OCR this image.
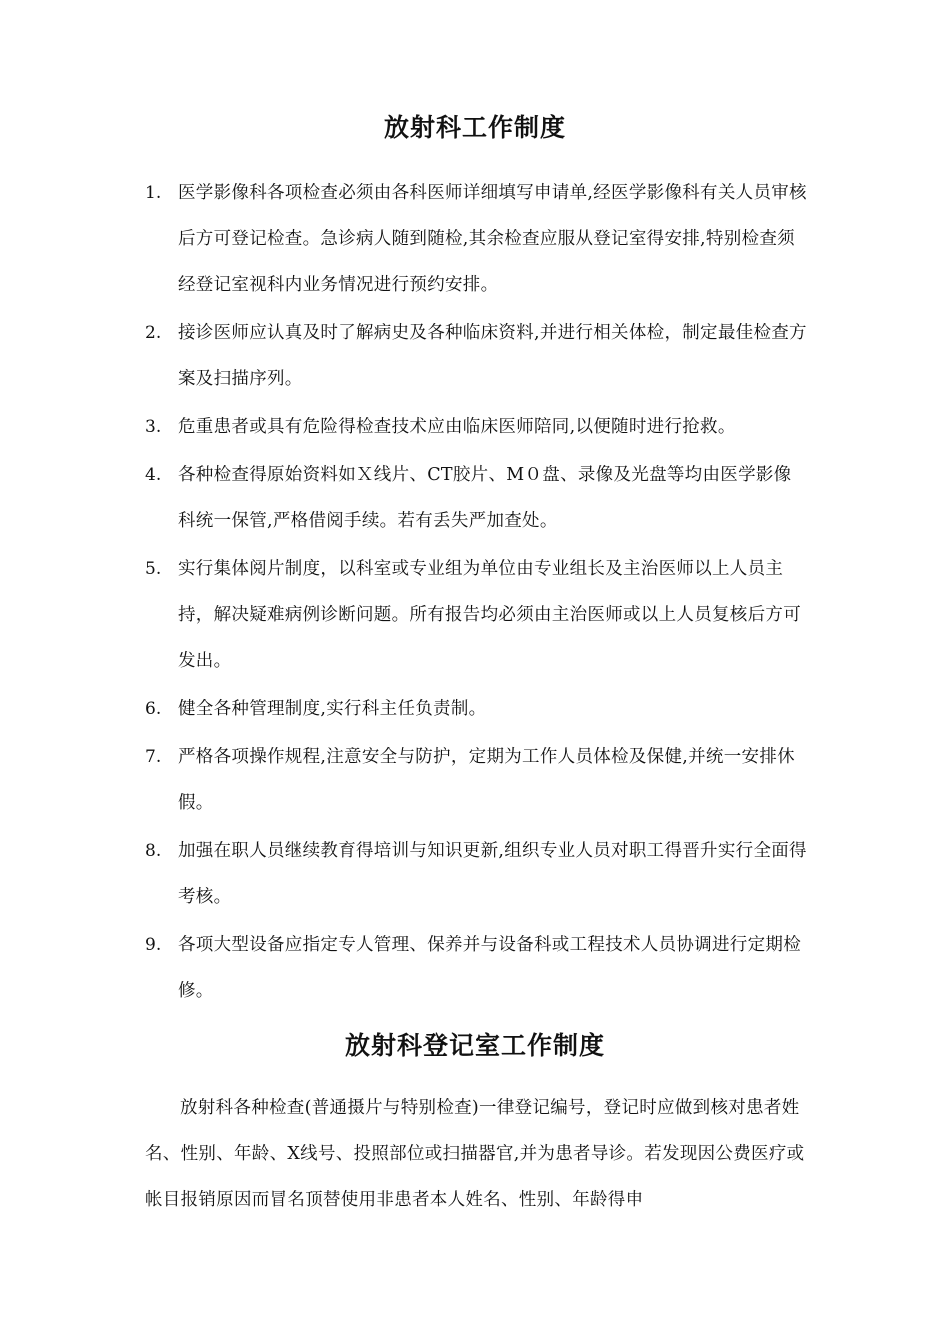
放射科工作制度
1. 医学影像科各项检查必须由各科医师详细填写申请单,经医学影像科有关人员审核后方可登记检查。急诊病人随到随检,其余检查应服从登记室得安排,特别检查须经登记室视科内业务情况进行预约安排。
2. 接诊医师应认真及时了解病史及各种临床资料,并进行相关体检，制定最佳检查方案及扫描序列。
3. 危重患者或具有危险得检查技术应由临床医师陪同,以便随时进行抢救。
4. 各种检查得原始资料如Ｘ线片、CT胶片、M０盘、录像及光盘等均由医学影像科统一保管,严格借阅手续。若有丢失严加查处。
5. 实行集体阅片制度，以科室或专业组为单位由专业组长及主治医师以上人员主持，解决疑难病例诊断问题。所有报告均必须由主治医师或以上人员复核后方可发出。
6. 健全各种管理制度,实行科主任负责制。
7. 严格各项操作规程,注意安全与防护，定期为工作人员体检及保健,并统一安排休假。
8. 加强在职人员继续教育得培训与知识更新,组织专业人员对职工得晋升实行全面得考核。
9. 各项大型设备应指定专人管理、保养并与设备科或工程技术人员协调进行定期检修。
放射科登记室工作制度

放射科各种检查(普通摄片与特别检查)一律登记编号，登记时应做到核对患者姓名、性别、年龄、X线号、投照部位或扫描器官,并为患者导诊。若发现因公费医疗或帐目报销原因而冒名顶替使用非患者本人姓名、性别、年龄得申
